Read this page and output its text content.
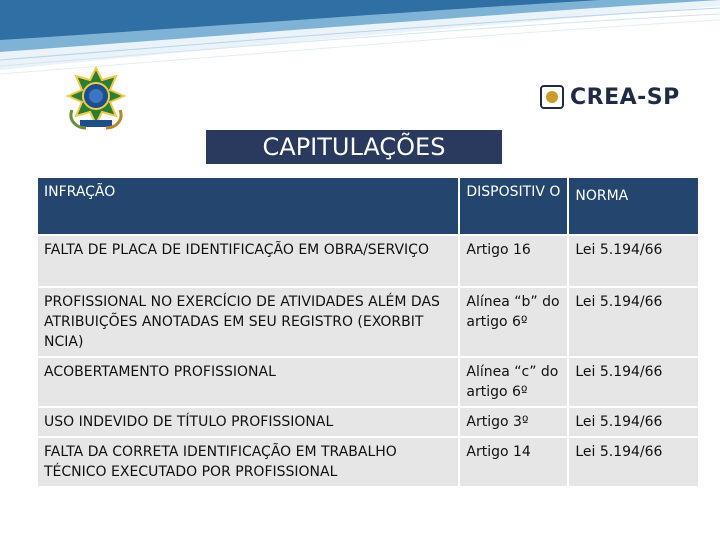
CREA-SP
CAPITULAÇÕES
INFRAÇÃO	DISPOSITIV O	NORMA
FALTA DE PLACA DE IDENTIFICAÇÃO EM OBRA/SERVIÇO	Artigo 16	Lei 5.194/66
PROFISSIONAL NO EXERCÍCIO DE ATIVIDADES ALÉM DAS ATRIBUIÇÕES ANOTADAS EM SEU REGISTRO (EXORBIT NCIA)	Alínea “b” do artigo 6º	Lei 5.194/66
ACOBERTAMENTO PROFISSIONAL	Alínea “c” do artigo 6º	Lei 5.194/66
USO INDEVIDO DE TÍTULO PROFISSIONAL	Artigo 3º	Lei 5.194/66
FALTA DA CORRETA IDENTIFICAÇÃO EM TRABALHO TÉCNICO EXECUTADO POR PROFISSIONAL	Artigo 14	Lei 5.194/66
